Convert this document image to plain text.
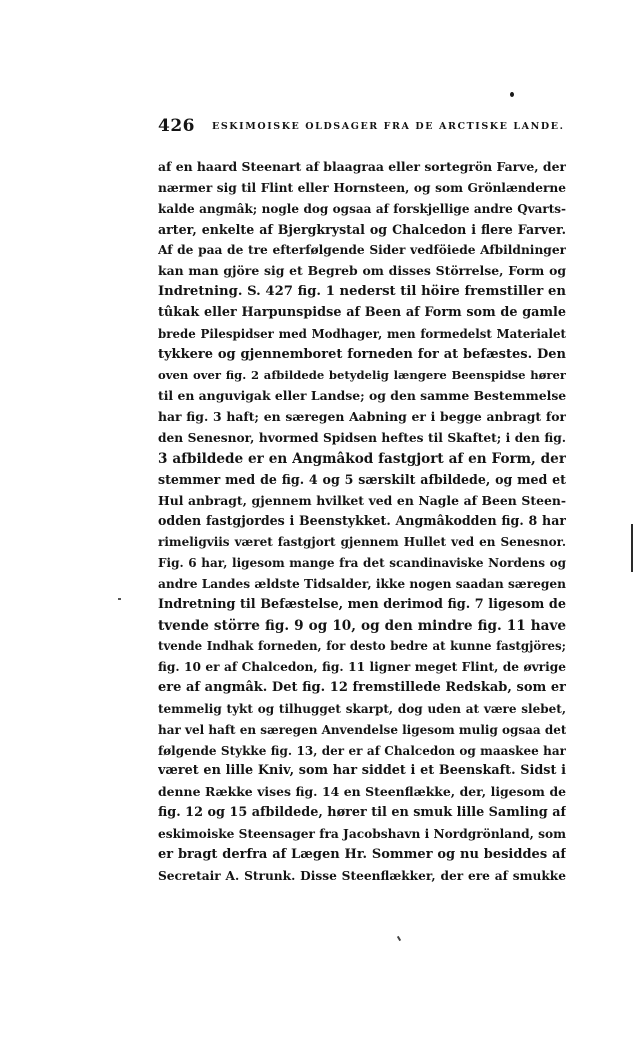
426 ESKIMOISKE OLDSAGER FRA DE ARCTISKE LANDE.
af en haard Steenart af blaagraa eller sortegrön Farve, der
nærmer sig til Flint eller Hornsteen, og som Grönlænderne
kalde angmâk; nogle dog ogsaa af forskjellige andre Qvarts-
arter, enkelte af Bjergkrystal og Chalcedon i flere Farver.
Af de paa de tre efterfølgende Sider vedföiede Afbildninger
kan man gjöre sig et Begreb om disses Störrelse, Form og
Indretning. S. 427 fig. 1 nederst til höire fremstiller en
tûkak eller Harpunspidse af Been af Form som de gamle
brede Pilespidser med Modhager, men formedelst Materialet
tykkere og gjennemboret forneden for at befæstes. Den
oven over fig. 2 afbildede betydelig længere Beenspidse hører
til en anguvigak eller Landse; og den samme Bestemmelse
har fig. 3 haft; en særegen Aabning er i begge anbragt for
den Senesnor, hvormed Spidsen heftes til Skaftet; i den fig.
3 afbildede er en Angmâkod fastgjort af en Form, der
stemmer med de fig. 4 og 5 særskilt afbildede, og med et
Hul anbragt, gjennem hvilket ved en Nagle af Been Steen-
odden fastgjordes i Beenstykket. Angmâkodden fig. 8 har
rimeligviis været fastgjort gjennem Hullet ved en Senesnor.
Fig. 6 har, ligesom mange fra det scandinaviske Nordens og
andre Landes ældste Tidsalder, ikke nogen saadan særegen
Indretning til Befæstelse, men derimod fig. 7 ligesom de
tvende större fig. 9 og 10, og den mindre fig. 11 have
tvende Indhak forneden, for desto bedre at kunne fastgjöres;
fig. 10 er af Chalcedon, fig. 11 ligner meget Flint, de øvrige
ere af angmâk. Det fig. 12 fremstillede Redskab, som er
temmelig tykt og tilhugget skarpt, dog uden at være slebet,
har vel haft en særegen Anvendelse ligesom mulig ogsaa det
følgende Stykke fig. 13, der er af Chalcedon og maaskee har
været en lille Kniv, som har siddet i et Beenskaft. Sidst i
denne Række vises fig. 14 en Steenflække, der, ligesom de
fig. 12 og 15 afbildede, hører til en smuk lille Samling af
eskimoiske Steensager fra Jacobshavn i Nordgrönland, som
er bragt derfra af Lægen Hr. Sommer og nu besiddes af
Secretair A. Strunk. Disse Steenflækker, der ere af smukke
